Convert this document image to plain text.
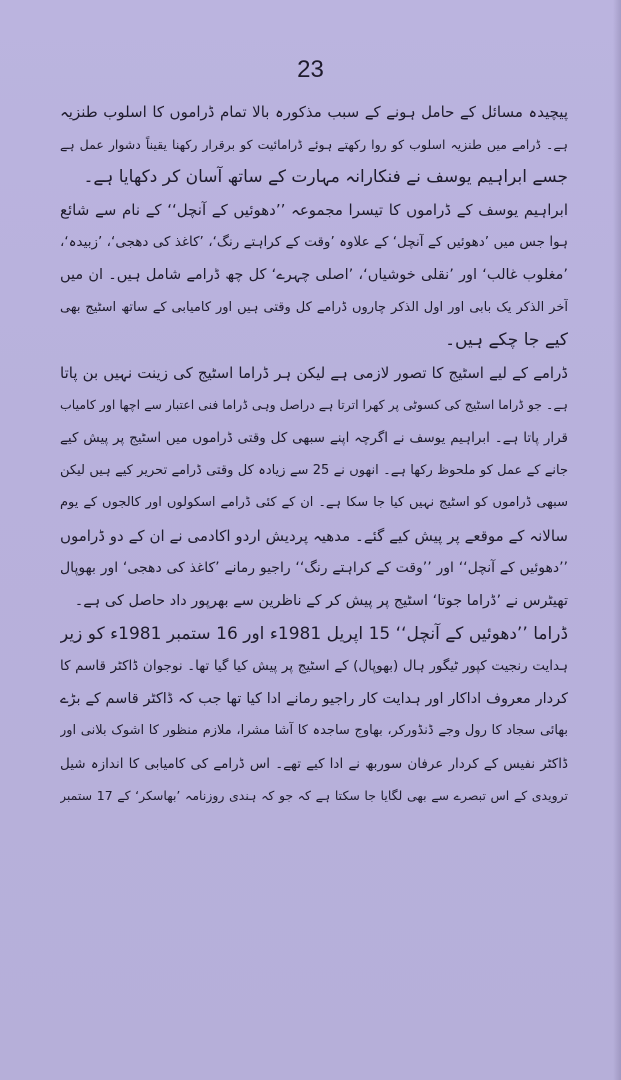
23
پیچیدہ مسائل کے حامل ہونے کے سبب مذکورہ بالا تمام ڈراموں کا اسلوب طنزیہ
ہے۔ ڈرامے میں طنزیہ اسلوب کو روا رکھتے ہوئے ڈرامائیت کو برقرار رکھنا یقیناً دشوار عمل ہے
جسے ابراہیم یوسف نے فنکارانہ مہارت کے ساتھ آسان کر دکھایا ہے۔
ابراہیم یوسف کے ڈراموں کا تیسرا مجموعہ ’’دھوئیں کے آنچل‘‘ کے نام سے شائع
ہوا جس میں ’دھوئیں کے آنچل‘ کے علاوہ ’وقت کے کراہتے رنگ‘، ’کاغذ کی دھجی‘، ’زبیدہ‘،
’مغلوب غالب‘ اور ’نقلی خوشیاں‘، ’اصلی چہرے‘ کل چھ ڈرامے شامل ہیں۔ ان میں
آخر الذکر یک بابی اور اول الذکر چاروں ڈرامے کل وقتی ہیں اور کامیابی کے ساتھ اسٹیج بھی
کیے جا چکے ہیں۔
ڈرامے کے لیے اسٹیج کا تصور لازمی ہے لیکن ہر ڈراما اسٹیج کی زینت نہیں بن پاتا
ہے۔ جو ڈراما اسٹیج کی کسوٹی پر کھرا اترتا ہے دراصل وہی ڈراما فنی اعتبار سے اچھا اور کامیاب
قرار پاتا ہے۔ ابراہیم یوسف نے اگرچہ اپنے سبھی کل وقتی ڈراموں میں اسٹیج پر پیش کیے
جانے کے عمل کو ملحوظ رکھا ہے۔ انھوں نے 25 سے زیادہ کل وقتی ڈرامے تحریر کیے ہیں لیکن
سبھی ڈراموں کو اسٹیج نہیں کیا جا سکا ہے۔ ان کے کئی ڈرامے اسکولوں اور کالجوں کے یوم
سالانہ کے موقعے پر پیش کیے گئے۔ مدھیہ پردیش اردو اکادمی نے ان کے دو ڈراموں
’’دھوئیں کے آنچل‘‘ اور ’’وقت کے کراہتے رنگ‘‘ راجیو رمانے ’کاغذ کی دھجی‘ اور بھوپال
تھیٹرس نے ’ڈراما جوتا‘ اسٹیج پر پیش کر کے ناظرین سے بھرپور داد حاصل کی ہے۔
ڈراما ’’دھوئیں کے آنچل‘‘ 15 اپریل 1981ء اور 16 ستمبر 1981ء کو زیر
ہدایت رنجیت کپور ٹیگور ہال (بھوپال) کے اسٹیج پر پیش کیا گیا تھا۔ نوجوان ڈاکٹر قاسم کا
کردار معروف اداکار اور ہدایت کار راجیو رمانے ادا کیا تھا جب کہ ڈاکٹر قاسم کے بڑے
بھائی سجاد کا رول وجے ڈنڈورکر، بھاوج ساجدہ کا آشا مشرا، ملازم منظور کا اشوک بلانی اور
ڈاکٹر نفیس کے کردار عرفان سوربھ نے ادا کیے تھے۔ اس ڈرامے کی کامیابی کا اندازہ شیل
ترویدی کے اس تبصرے سے بھی لگایا جا سکتا ہے کہ جو کہ ہندی روزنامہ ’بھاسکر‘ کے 17 ستمبر
